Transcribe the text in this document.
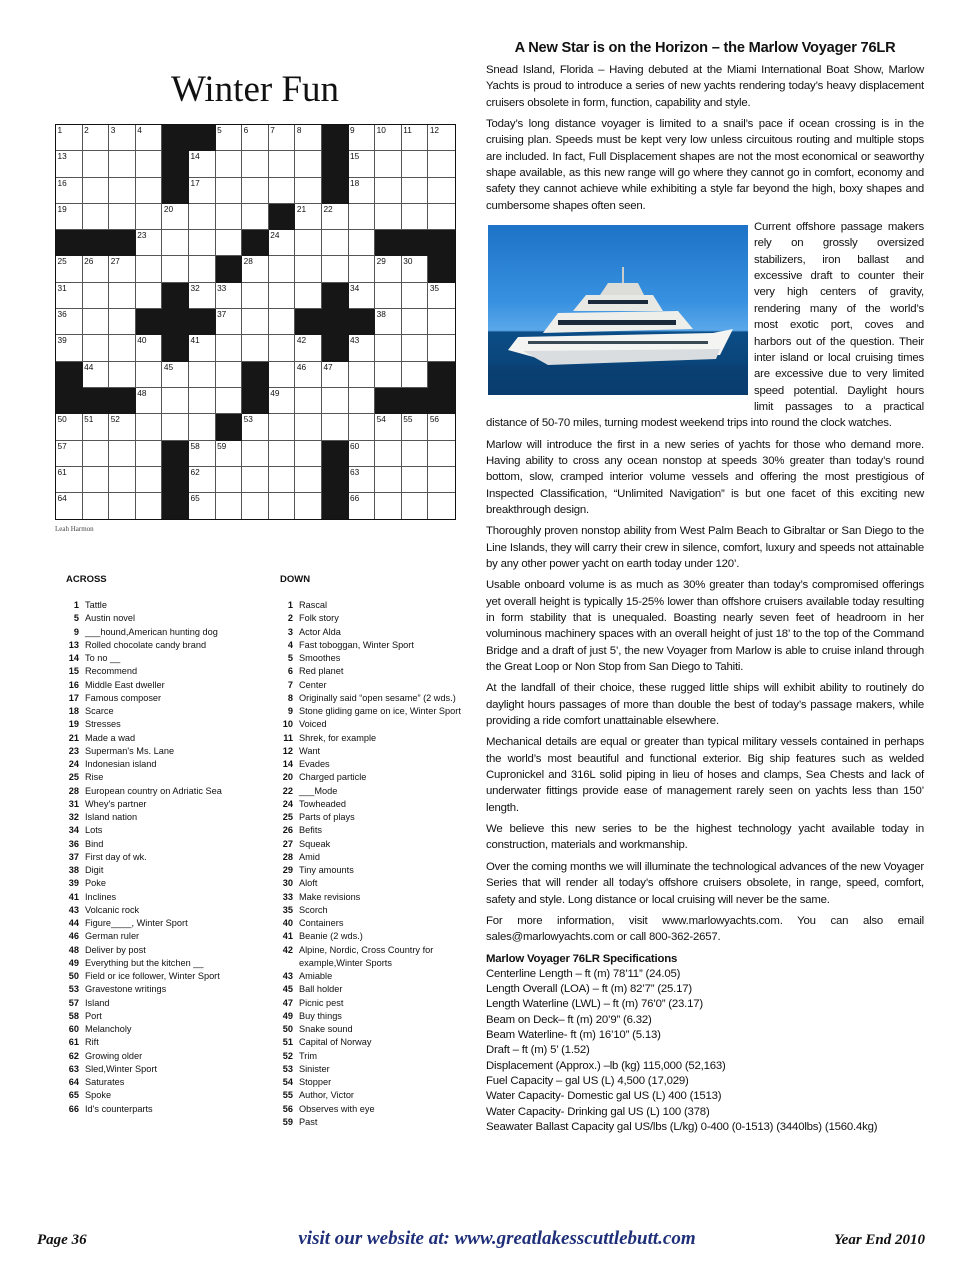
Winter Fun
1	2	3	4	5	6	7	8	9	10 11 12
13	14	15
16	17	18
19	20	21 22
23	24
25 26 27	28	29 30
31	32 33	34	35
36	37	38
39	40	41	42	43
44	45	46 47
48	49
50 51 52	53	54 55 56
57	58 59	60
61	62	63
64	65	66
Leah Harmon
ACROSS
1 Tattle
5 Austin novel
9 ___hound,American hunting dog
13 Rolled chocolate candy brand
14 To no __
15 Recommend
16 Middle East dweller
17 Famous composer
18 Scarce
19 Stresses
21 Made a wad
23 Superman's Ms. Lane
24 Indonesian island
25 Rise
28 European country on Adriatic Sea
31 Whey's partner
32 Island nation
34 Lots
36 Bind
37 First day of wk.
38 Digit
39 Poke
41 Inclines
43 Volcanic rock
44 Figure____, Winter Sport
46 German ruler
48 Deliver by post
49 Everything but the kitchen __
50 Field or ice follower, Winter Sport
53 Gravestone writings
57 Island
58 Port
60 Melancholy
61 Rift
62 Growing older
63 Sled,Winter Sport
64 Saturates
65 Spoke
66 Id's counterparts
DOWN
1 Rascal
2 Folk story
3 Actor Alda
4 Fast toboggan, Winter Sport
5 Smoothes
6 Red planet
7 Center
8 Originally said “open sesame” (2 wds.)
9 Stone gliding game on ice, Winter Sport
10 Voiced
11 Shrek, for example
12 Want
14 Evades
20 Charged particle
22 ___Mode
24 Towheaded
25 Parts of plays
26 Befits
27 Squeak
28 Amid
29 Tiny amounts
30 Aloft
33 Make revisions
35 Scorch
40 Containers
41 Beanie (2 wds.)
42 Alpine, Nordic, Cross Country for example,Winter Sports
43 Amiable
45 Ball holder
47 Picnic pest
49 Buy things
50 Snake sound
51 Capital of Norway
52 Trim
53 Sinister
54 Stopper
55 Author, Victor
56 Observes with eye
59 Past
A New Star is on the Horizon – the Marlow Voyager 76LR

Snead Island, Florida – Having debuted at the Miami International Boat Show, Marlow Yachts is proud to introduce a series of new yachts rendering today’s heavy displacement cruisers obsolete in form, function, capability and style.

Today’s long distance voyager is limited to a snail’s pace if ocean crossing is in the cruising plan. Speeds must be kept very low unless circuitous routing and multiple stops are included. In fact, Full Displacement shapes are not the most economical or seaworthy shape available, as this new range will go where they cannot go in comfort, economy and safety they cannot achieve while exhibiting a style far beyond the high, boxy shapes and cumbersome shapes often seen.

Current offshore passage makers rely on grossly oversized stabilizers, iron ballast and excessive draft to counter their very high centers of gravity, rendering many of the world’s most exotic port, coves and harbors out of the question. Their inter island or local cruising times are excessive due to very limited speed potential. Daylight hours limit passages to a practical distance of 50-70 miles, turning modest weekend trips into round the clock watches.

Marlow will introduce the first in a new series of yachts for those who demand more. Having ability to cross any ocean nonstop at speeds 30% greater than today’s round bottom, slow, cramped interior volume vessels and offering the most prestigious of Inspected Classification, “Unlimited Navigation” is but one facet of this exciting new breakthrough design.

Thoroughly proven nonstop ability from West Palm Beach to Gibraltar or San Diego to the Line Islands, they will carry their crew in silence, comfort, luxury and speeds not attainable by any other power yacht on earth today under 120’.

Usable onboard volume is as much as 30% greater than today’s compromised offerings yet overall height is typically 15-25% lower than offshore cruisers available today resulting in form stability that is unequaled. Boasting nearly seven feet of headroom in her voluminous machinery spaces with an overall height of just 18’ to the top of the Command Bridge and a draft of just 5’, the new Voyager from Marlow is able to cruise inland through the Great Loop or Non Stop from San Diego to Tahiti.

At the landfall of their choice, these rugged little ships will exhibit ability to routinely do daylight hours passages of more than double the best of today’s passage makers, while providing a ride comfort unattainable elsewhere.

Mechanical details are equal or greater than typical military vessels contained in perhaps the world’s most beautiful and functional exterior. Big ship features such as welded Cupronickel and 316L solid piping in lieu of hoses and clamps, Sea Chests and lack of underwater fittings provide ease of management rarely seen on yachts less than 150’ length.

We believe this new series to be the highest technology yacht available today in construction, materials and workmanship.

Over the coming months we will illuminate the technological advances of the new Voyager Series that will render all today’s offshore cruisers obsolete, in range, speed, comfort, safety and style. Long distance or local cruising will never be the same.

For more information, visit www.marlowyachts.com. You can also email sales@marlowyachts.com or call 800-362-2657.

Marlow Voyager 76LR Specifications
Centerline Length – ft (m) 78’11” (24.05)
Length Overall (LOA) – ft (m) 82’7” (25.17)
Length Waterline (LWL) – ft (m) 76’0” (23.17)
Beam on Deck– ft (m) 20’9” (6.32)
Beam Waterline- ft (m) 16’10” (5.13)
Draft – ft (m) 5’ (1.52)
Displacement (Approx.) –lb (kg) 115,000 (52,163)
Fuel Capacity – gal US (L) 4,500 (17,029)
Water Capacity- Domestic gal US (L) 400 (1513)
Water Capacity- Drinking gal US (L) 100 (378)
Seawater Ballast Capacity gal US/lbs (L/kg) 0-400 (0-1513) (3440lbs) (1560.4kg)
Page 36	visit our website at: www.greatlakesscuttlebutt.com	Year End 2010
